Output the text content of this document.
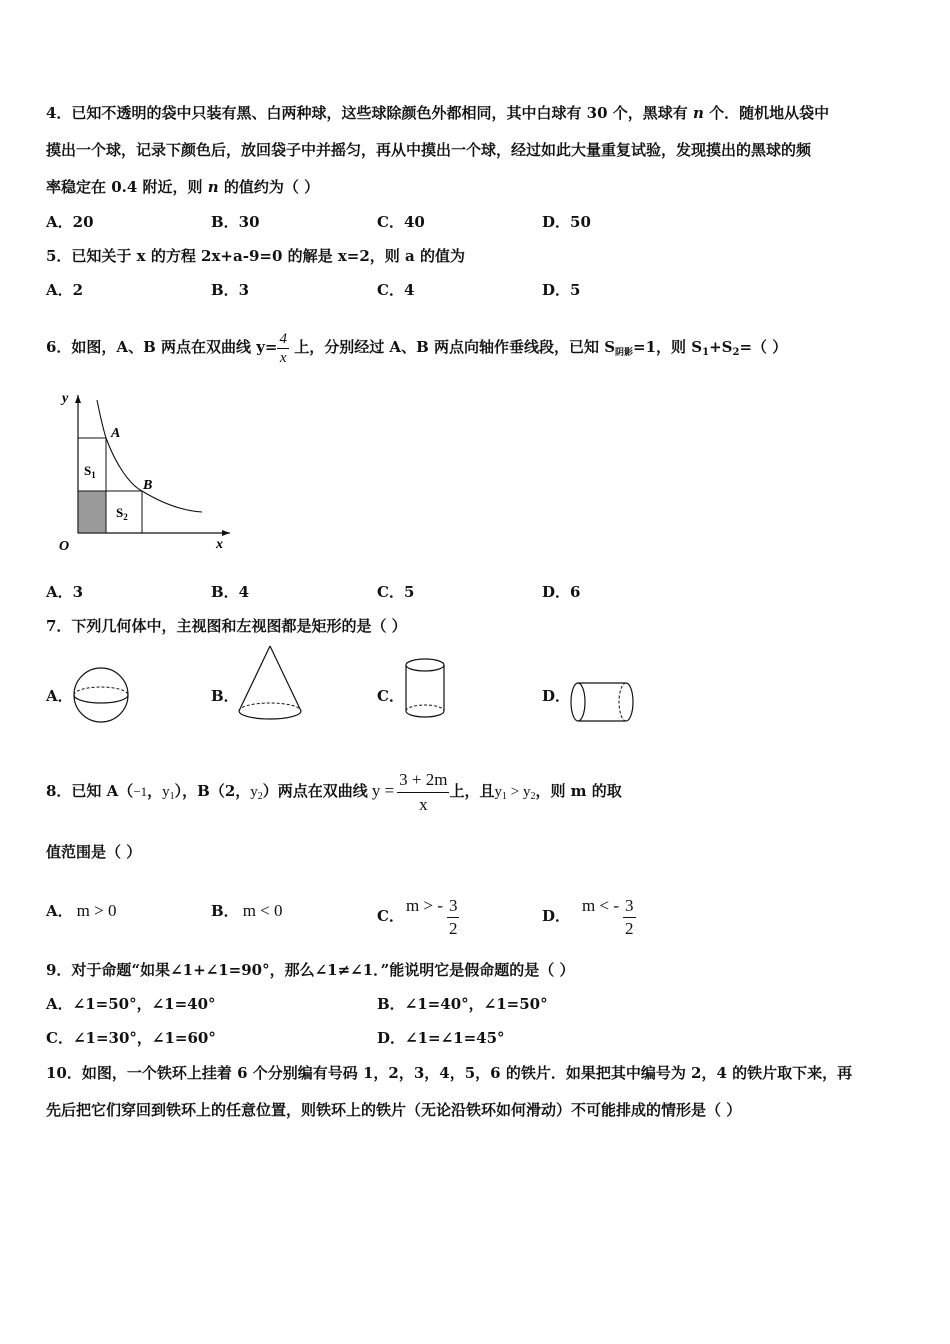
4．已知不透明的袋中只装有黑、白两种球，这些球除颜色外都相同，其中白球有 30 个，黑球有 n 个．随机地从袋中
摸出一个球，记录下颜色后，放回袋子中并摇匀，再从中摸出一个球，经过如此大量重复试验，发现摸出的黑球的频
率稳定在 0.4 附近，则 n 的值约为（ ）
A．20	B．30	C．40	D．50
5．已知关于 x 的方程 2x+a-9=0 的解是 x=2，则 a 的值为
A．2	B．3	C．4	D．5
6．如图，A、B 两点在双曲线 $y= \frac{4}{x}$ 上，分别经过 A、B 两点向轴作垂线段，已知 $S_{阴影}=1$，则 $S_1+S_2=$（ ）
y
x
O
A
B
$S_1$
$S_2$
A．3	B．4	C．5	D．6
7．下列几何体中，主视图和左视图都是矩形的是（ ）
A．	B．	C．	D．
8．已知 A（−1，$y_1$），B（2，$y_2$）两点在双曲线 $y = \frac{3 + 2m}{x}$ 上，且$y_1 > y_2$，则 m 的取
值范围是（ ）
A． m > 0	B． m < 0	C．m > - $\frac{3}{2}$	D．m < - $\frac{3}{2}$
9．对于命题“如果∠1+∠1=90°，那么∠1≠∠1．”能说明它是假命题的是（ ）
A．∠1=50°，∠1=40°	B．∠1=40°，∠1=50°
C．∠1=30°，∠1=60°	D．∠1=∠1=45°
10．如图，一个铁环上挂着 6 个分别编有号码 1，2，3，4，5，6 的铁片．如果把其中编号为 2，4 的铁片取下来，再
先后把它们穿回到铁环上的任意位置，则铁环上的铁片（无论沿铁环如何滑动）不可能排成的情形是（ ）
